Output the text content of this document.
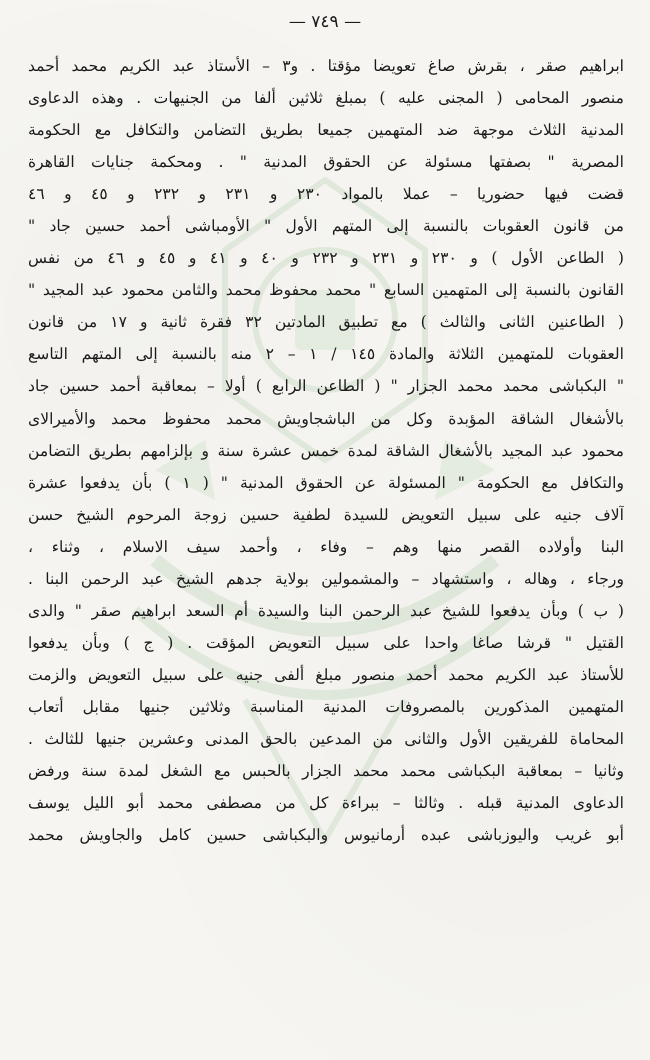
— ٧٤٩ —
ابراهيم صقر ، بقرش صاغ تعويضا مؤقتا . و٣ – الأستاذ عبد الكريم محمد أحمد
منصور المحامى ( المجنى عليه ) بمبلغ ثلاثين ألفا من الجنيهات . وهذه الدعاوى
المدنية الثلاث موجهة ضد المتهمين جميعا بطريق التضامن والتكافل مع الحكومة
المصرية " بصفتها مسئولة عن الحقوق المدنية " . ومحكمة جنايات القاهرة
قضت فيها حضوريا – عملا بالمواد ٢٣٠ و ٢٣١ و ٢٣٢ و ٤٥ و ٤٦
من قانون العقوبات بالنسبة إلى المتهم الأول " الأومباشى أحمد حسين جاد "
( الطاعن الأول ) و ٢٣٠ و ٢٣١ و ٢٣٢ و ٤٠ و ٤١ و ٤٥ و ٤٦ من نفس
القانون بالنسبة إلى المتهمين السابع " محمد محفوظ محمد والثامن محمود عبد المجيد "
( الطاعنين الثانى والثالث ) مع تطبيق المادتين ٣٢ فقرة ثانية و ١٧ من قانون
العقوبات للمتهمين الثلاثة والمادة ١٤٥ / ١ – ٢ منه بالنسبة إلى المتهم التاسع
" البكباشى محمد محمد الجزار " ( الطاعن الرابع ) أولا – بمعاقبة أحمد حسين جاد
بالأشغال الشاقة المؤبدة وكل من الباشجاويش محمد محفوظ محمد والأميرالاى
محمود عبد المجيد بالأشغال الشاقة لمدة خمس عشرة سنة و بإلزامهم بطريق التضامن
والتكافل مع الحكومة " المسئولة عن الحقوق المدنية " ( ١ ) بأن يدفعوا عشرة
آلاف جنيه على سبيل التعويض للسيدة لطفية حسين زوجة المرحوم الشيخ حسن
البنا وأولاده القصر منها وهم – وفاء ، وأحمد سيف الاسلام ، وثناء ،
ورجاء ، وهاله ، واستشهاد – والمشمولين بولاية جدهم الشيخ عبد الرحمن البنا .
( ب ) وبأن يدفعوا للشيخ عبد الرحمن البنا والسيدة أم السعد ابراهيم صقر " والدى
القتيل " قرشا صاغا واحدا على سبيل التعويض المؤقت . ( ج ) وبأن يدفعوا
للأستاذ عبد الكريم محمد أحمد منصور مبلغ ألفى جنيه على سبيل التعويض والزمت
المتهمين المذكورين بالمصروفات المدنية المناسبة وثلاثين جنيها مقابل أتعاب
المحاماة للفريقين الأول والثانى من المدعين بالحق المدنى وعشرين جنيها للثالث .
وثانيا – بمعاقبة البكباشى محمد محمد الجزار بالحبس مع الشغل لمدة سنة ورفض
الدعاوى المدنية قبله . وثالثا – ببراءة كل من مصطفى محمد أبو الليل يوسف
أبو غريب واليوزباشى عبده أرمانيوس والبكباشى حسين كامل والجاويش محمد
